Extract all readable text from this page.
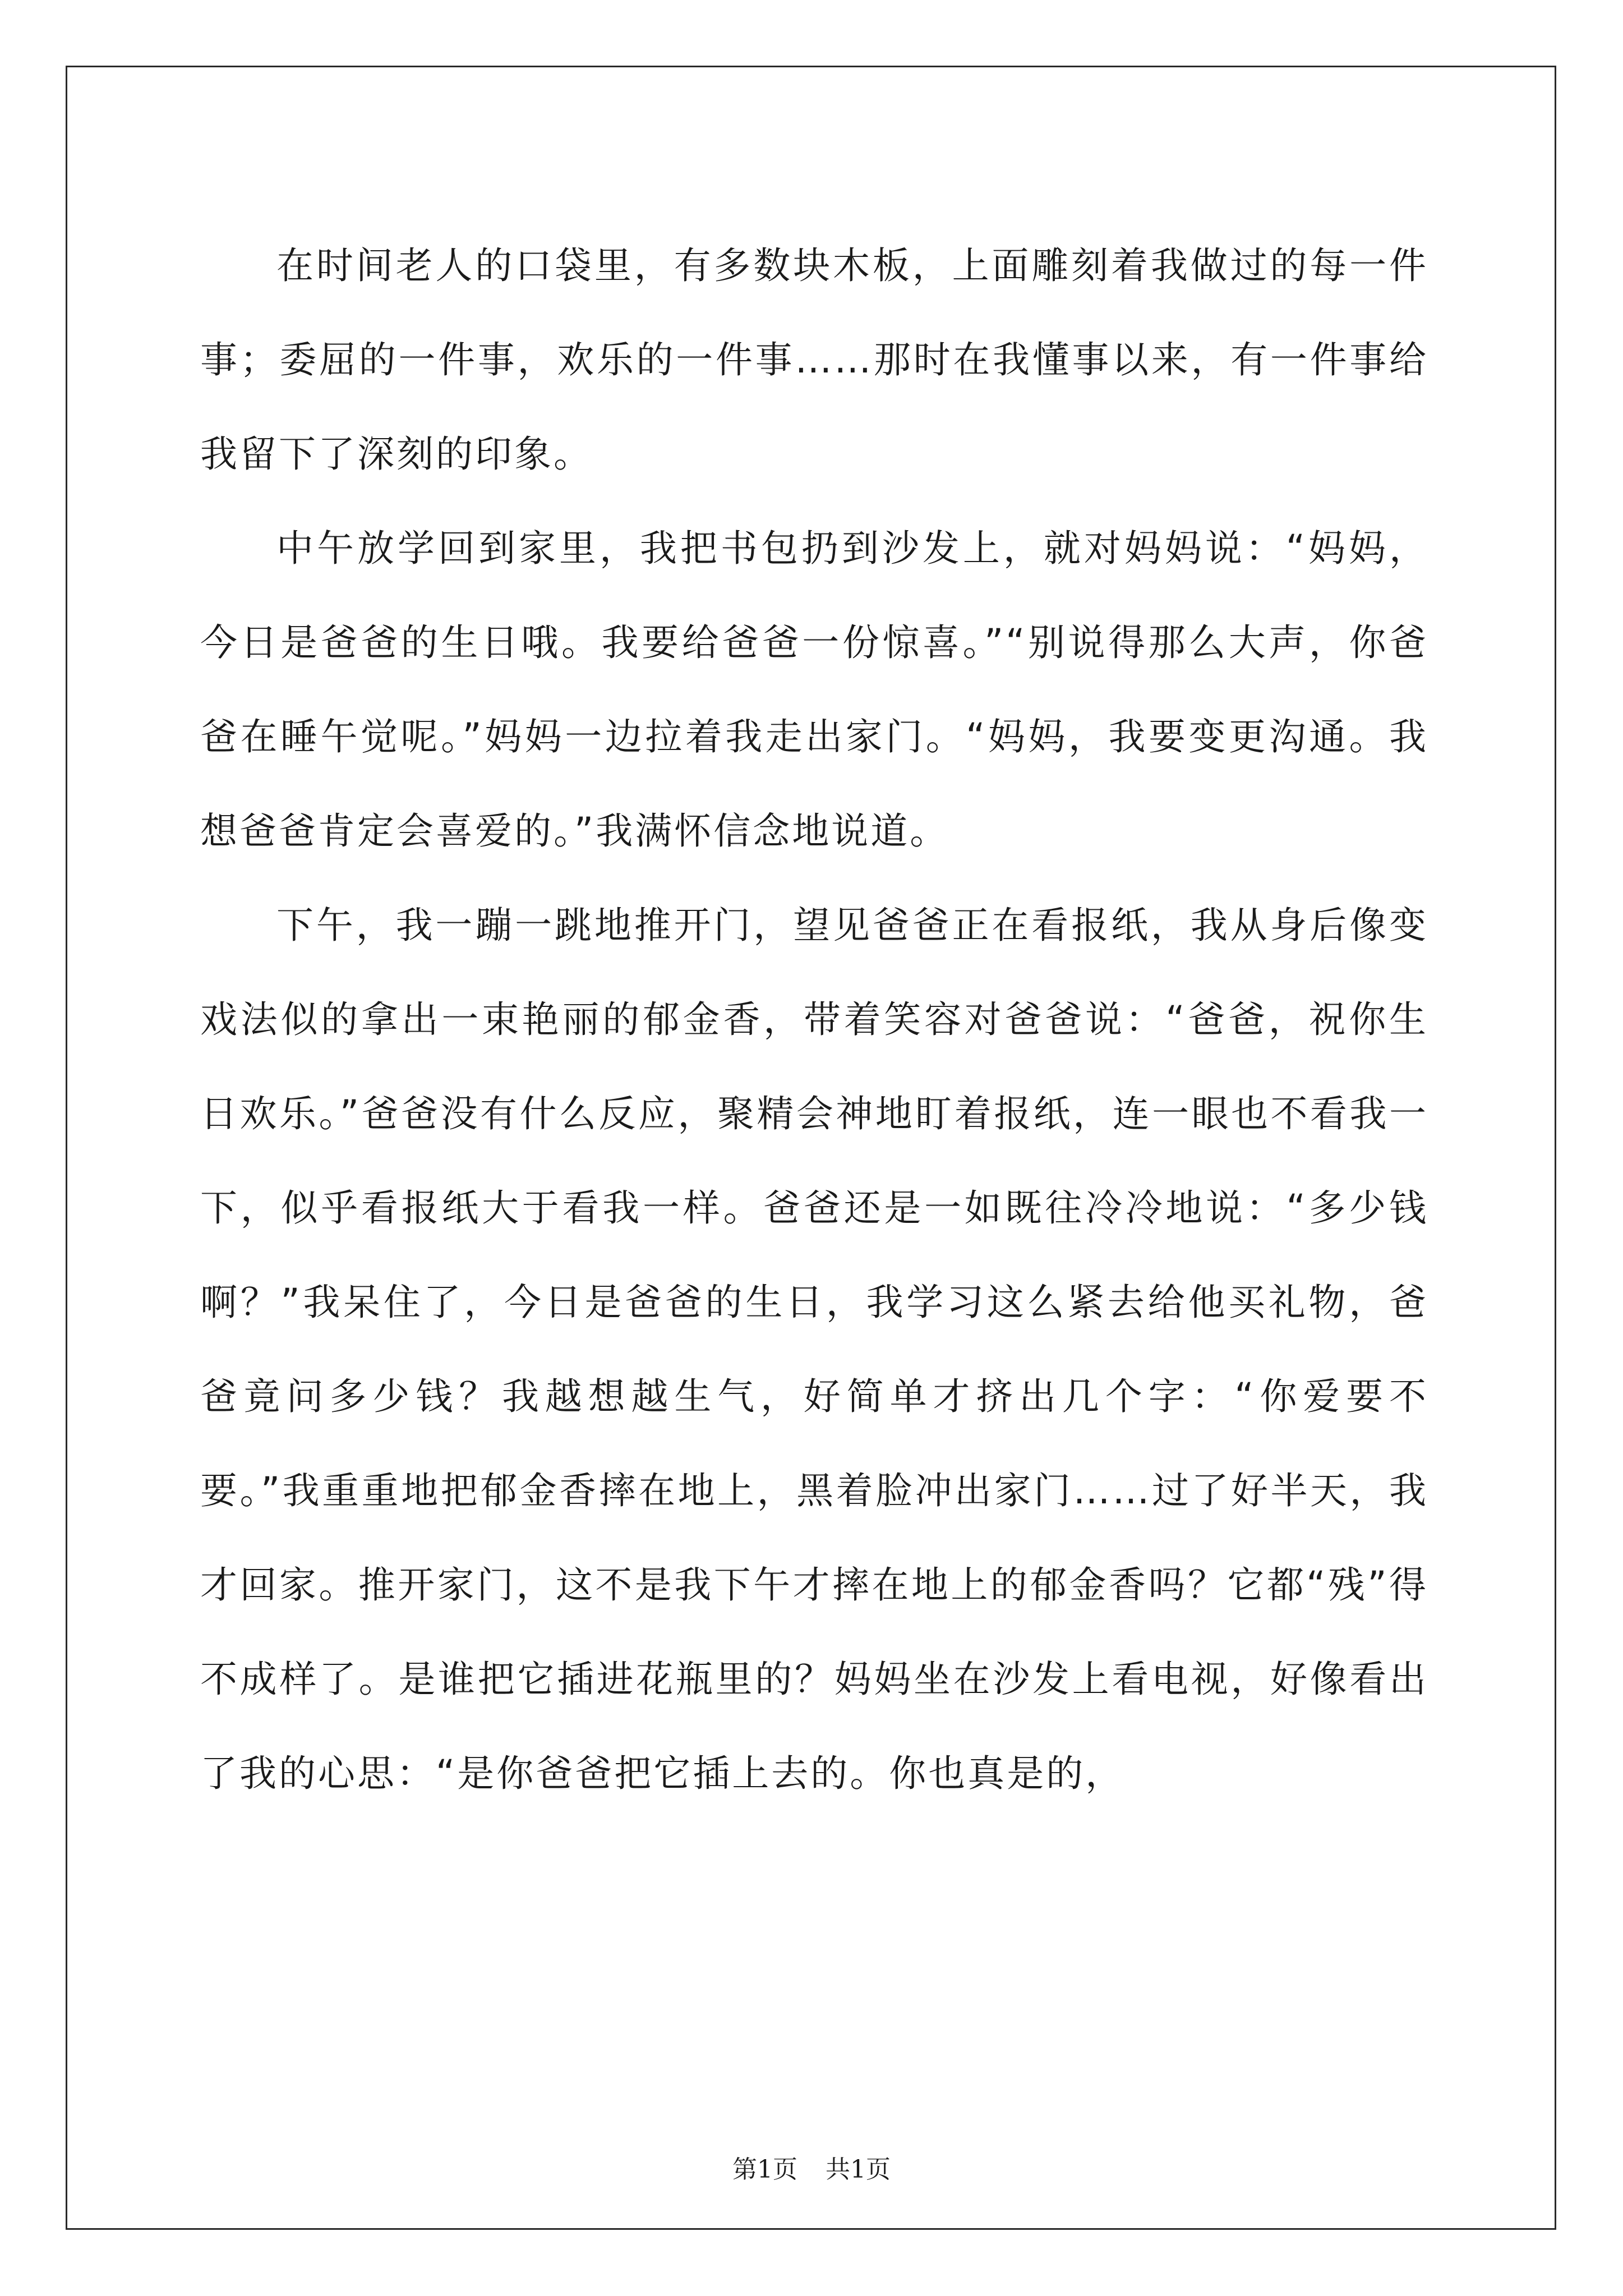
在时间老人的口袋里，有多数块木板，上面雕刻着我做过的每一件事；委屈的一件事，欢乐的一件事……那时在我懂事以来，有一件事给我留下了深刻的印象。

中午放学回到家里，我把书包扔到沙发上，就对妈妈说：“妈妈，今日是爸爸的生日哦。我要给爸爸一份惊喜。”“别说得那么大声，你爸爸在睡午觉呢。”妈妈一边拉着我走出家门。“妈妈，我要变更沟通。我想爸爸肯定会喜爱的。”我满怀信念地说道。

下午，我一蹦一跳地推开门，望见爸爸正在看报纸，我从身后像变戏法似的拿出一束艳丽的郁金香，带着笑容对爸爸说：“爸爸，祝你生日欢乐。”爸爸没有什么反应，聚精会神地盯着报纸，连一眼也不看我一下，似乎看报纸大于看我一样。爸爸还是一如既往冷冷地说：“多少钱啊？”我呆住了，今日是爸爸的生日，我学习这么紧去给他买礼物，爸爸竟问多少钱？我越想越生气，好简单才挤出几个字：“你爱要不要。”我重重地把郁金香摔在地上，黑着脸冲出家门……过了好半天，我才回家。推开家门，这不是我下午才摔在地上的郁金香吗？它都“残”得不成样了。是谁把它插进花瓶里的？妈妈坐在沙发上看电视，好像看出了我的心思：“是你爸爸把它插上去的。你也真是的，

第1页 共1页
